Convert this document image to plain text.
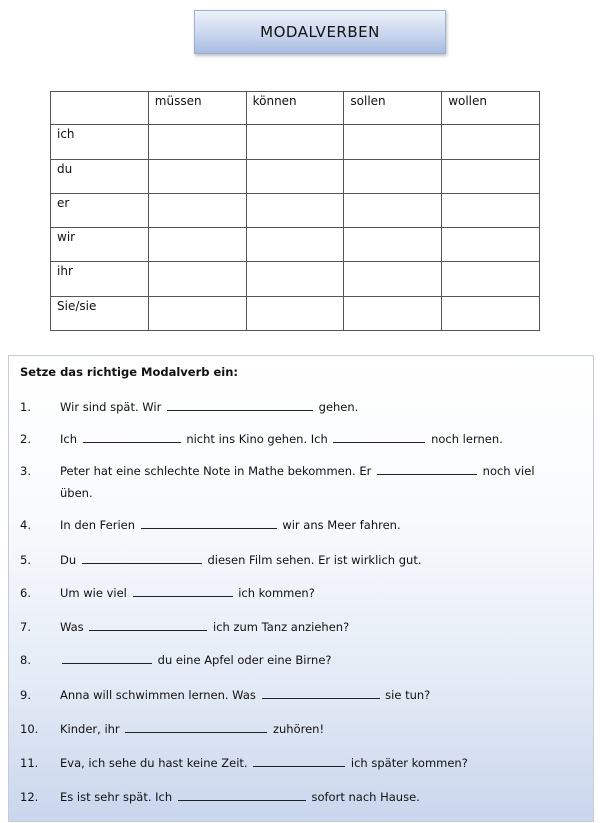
MODALVERBEN
	müssen	können	sollen	wollen
ich				
du				
er				
wir				
ihr				
Sie/sie				
Setze das richtige Modalverb ein:
1.	Wir sind spät. Wir	gehen.
2.	Ich	nicht ins Kino gehen. Ich	noch lernen.
3.	Peter hat eine schlechte Note in Mathe bekommen. Er	noch viel
üben.
4.	In den Ferien	wir ans Meer fahren.
5.	Du	diesen Film sehen. Er ist wirklich gut.
6.	Um wie viel	ich kommen?
7.	Was	ich zum Tanz anziehen?
8.	du eine Apfel oder eine Birne?
9.	Anna will schwimmen lernen. Was	sie tun?
10. Kinder, ihr	zuhören!
11. Eva, ich sehe du hast keine Zeit.	ich später kommen?
12. Es ist sehr spät. Ich	sofort nach Hause.
